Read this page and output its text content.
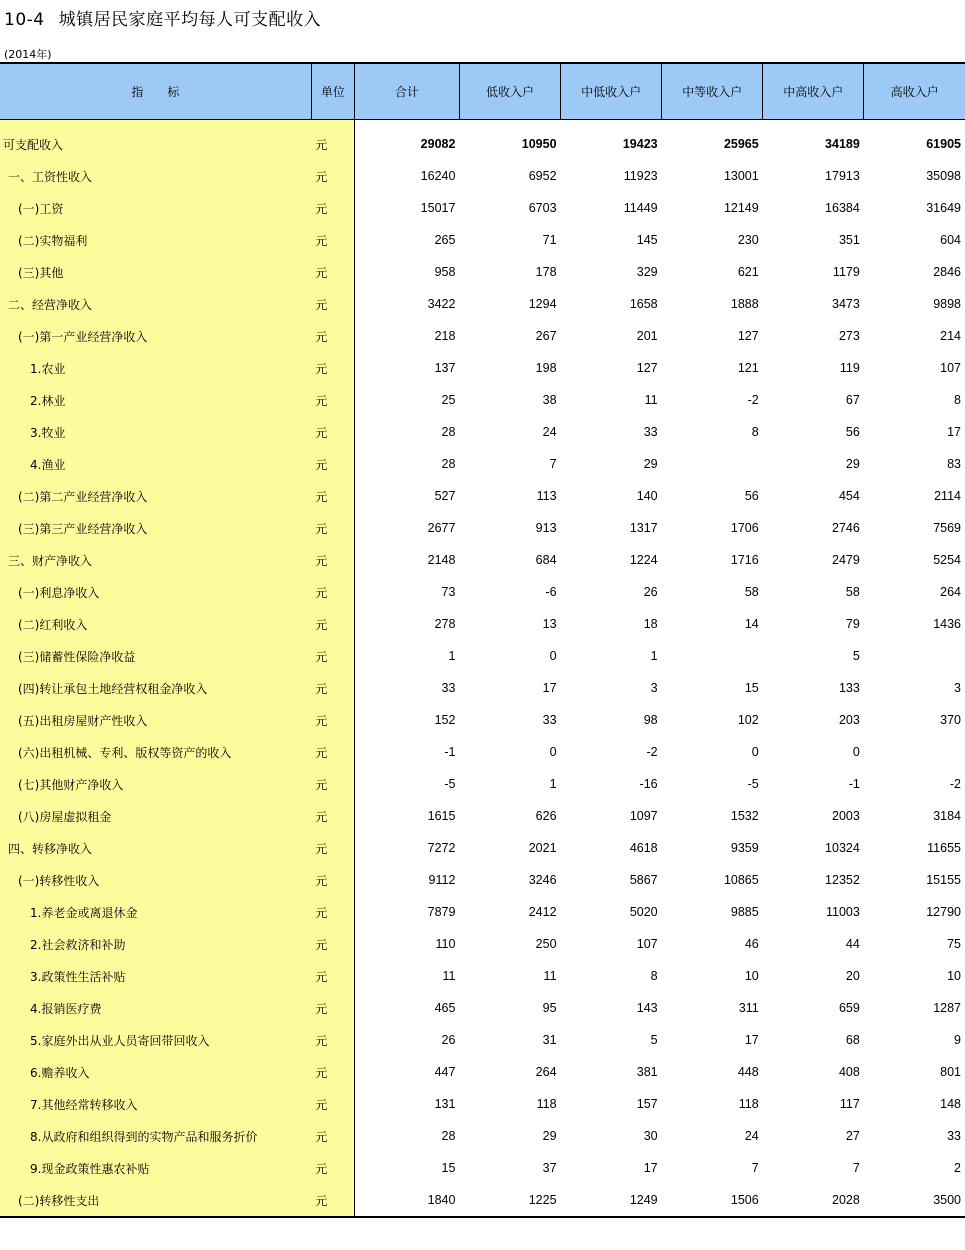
10-4 城镇居民家庭平均每人可支配收入
(2014年)
指　　标	单位	合计	低收入户	中低收入户	中等收入户	中高收入户	高收入户

可支配收入	元	29082	10950	19423	25965	34189	61905
一、工资性收入	元	16240	6952	11923	13001	17913	35098
(一)工资	元	15017	6703	11449	12149	16384	31649
(二)实物福利	元	265	71	145	230	351	604
(三)其他	元	958	178	329	621	1179	2846
二、经营净收入	元	3422	1294	1658	1888	3473	9898
(一)第一产业经营净收入	元	218	267	201	127	273	214
1.农业	元	137	198	127	121	119	107
2.林业	元	25	38	11	-2	67	8
3.牧业	元	28	24	33	8	56	17
4.渔业	元	28	7	29		29	83
(二)第二产业经营净收入	元	527	113	140	56	454	2114
(三)第三产业经营净收入	元	2677	913	1317	1706	2746	7569
三、财产净收入	元	2148	684	1224	1716	2479	5254
(一)利息净收入	元	73	-6	26	58	58	264
(二)红利收入	元	278	13	18	14	79	1436
(三)储蓄性保险净收益	元	1	0	1		5	
(四)转让承包土地经营权租金净收入	元	33	17	3	15	133	3
(五)出租房屋财产性收入	元	152	33	98	102	203	370
(六)出租机械、专利、版权等资产的收入	元	-1	0	-2	0	0	
(七)其他财产净收入	元	-5	1	-16	-5	-1	-2
(八)房屋虚拟租金	元	1615	626	1097	1532	2003	3184
四、转移净收入	元	7272	2021	4618	9359	10324	11655
(一)转移性收入	元	9112	3246	5867	10865	12352	15155
1.养老金或离退休金	元	7879	2412	5020	9885	11003	12790
2.社会救济和补助	元	110	250	107	46	44	75
3.政策性生活补贴	元	11	11	8	10	20	10
4.报销医疗费	元	465	95	143	311	659	1287
5.家庭外出从业人员寄回带回收入	元	26	31	5	17	68	9
6.赡养收入	元	447	264	381	448	408	801
7.其他经常转移收入	元	131	118	157	118	117	148
8.从政府和组织得到的实物产品和服务折价	元	28	29	30	24	27	33
9.现金政策性惠农补贴	元	15	37	17	7	7	2
(二)转移性支出	元	1840	1225	1249	1506	2028	3500
